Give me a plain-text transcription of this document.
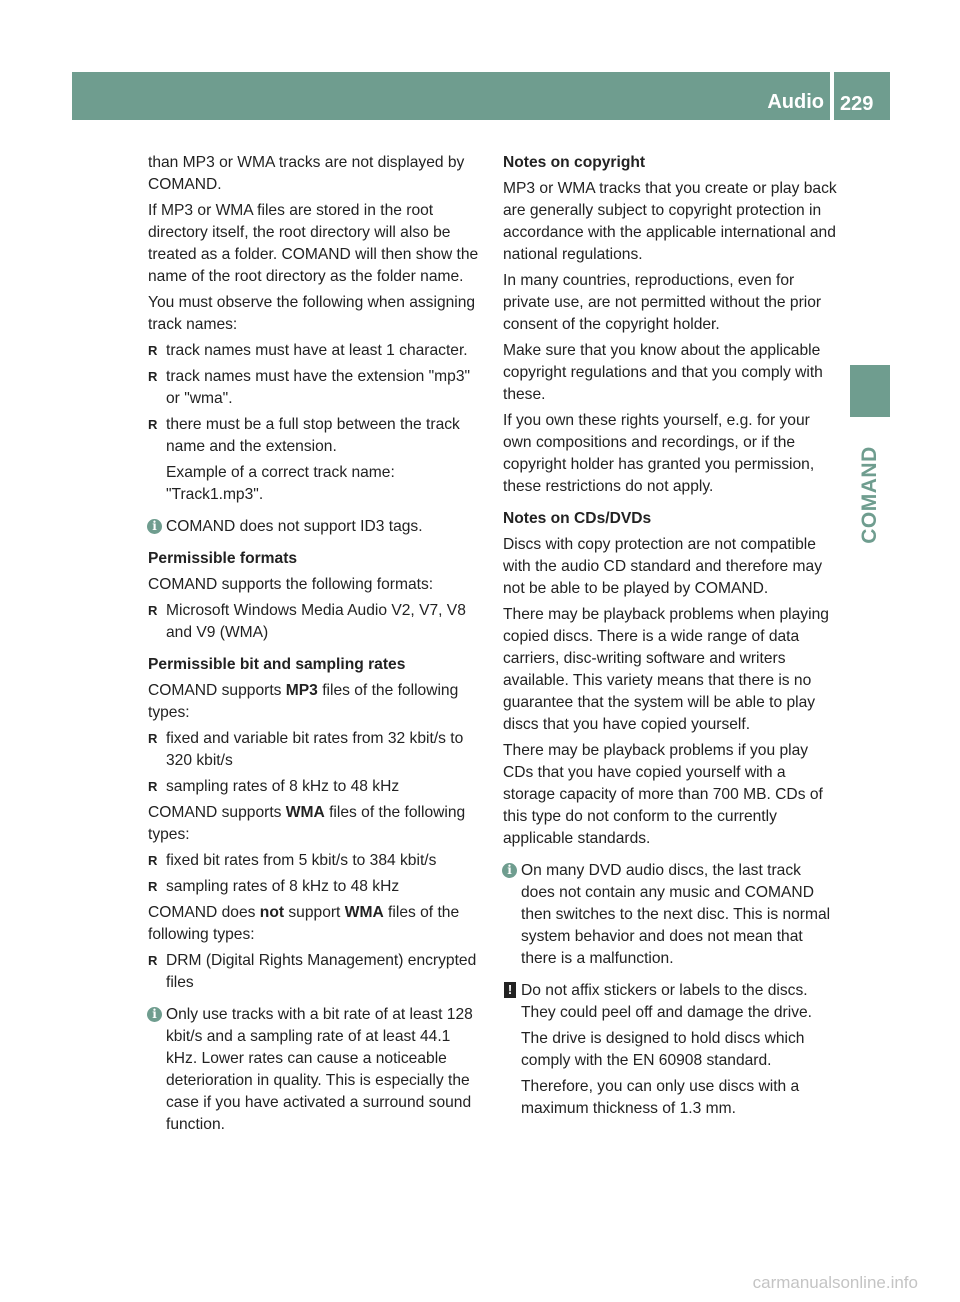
Audio 229
COMAND

than MP3 or WMA tracks are not displayed by COMAND.

If MP3 or WMA files are stored in the root directory itself, the root directory will also be treated as a folder. COMAND will then show the name of the root directory as the folder name.

You must observe the following when assigning track names:

R track names must have at least 1 character.

R track names must have the extension "mp3" or "wma".

R there must be a full stop between the track name and the extension.

Example of a correct track name:

"Track1.mp3".

i COMAND does not support ID3 tags.

Permissible formats

COMAND supports the following formats:

R Microsoft Windows Media Audio V2, V7, V8 and V9 (WMA)

Permissible bit and sampling rates

COMAND supports MP3 files of the following types:

R fixed and variable bit rates from 32 kbit/s to 320 kbit/s

R sampling rates of 8 kHz to 48 kHz

COMAND supports WMA files of the following types:

R fixed bit rates from 5 kbit/s to 384 kbit/s

R sampling rates of 8 kHz to 48 kHz

COMAND does not support WMA files of the following types:

R DRM (Digital Rights Management) encrypted files

i Only use tracks with a bit rate of at least 128 kbit/s and a sampling rate of at least 44.1 kHz. Lower rates can cause a noticeable deterioration in quality. This is especially the case if you have activated a surround sound function.

Notes on copyright

MP3 or WMA tracks that you create or play back are generally subject to copyright protection in accordance with the applicable international and national regulations.

In many countries, reproductions, even for private use, are not permitted without the prior consent of the copyright holder.

Make sure that you know about the applicable copyright regulations and that you comply with these.

If you own these rights yourself, e.g. for your own compositions and recordings, or if the copyright holder has granted you permission, these restrictions do not apply.

Notes on CDs/DVDs

Discs with copy protection are not compatible with the audio CD standard and therefore may not be able to be played by COMAND.

There may be playback problems when playing copied discs. There is a wide range of data carriers, disc-writing software and writers available. This variety means that there is no guarantee that the system will be able to play discs that you have copied yourself.

There may be playback problems if you play CDs that you have copied yourself with a storage capacity of more than 700 MB. CDs of this type do not conform to the currently applicable standards.

i On many DVD audio discs, the last track does not contain any music and COMAND then switches to the next disc. This is normal system behavior and does not mean that there is a malfunction.
! Do not affix stickers or labels to the discs. They could peel off and damage the drive.

The drive is designed to hold discs which comply with the EN 60908 standard.

Therefore, you can only use discs with a maximum thickness of 1.3 mm.

carmanualsonline.info
